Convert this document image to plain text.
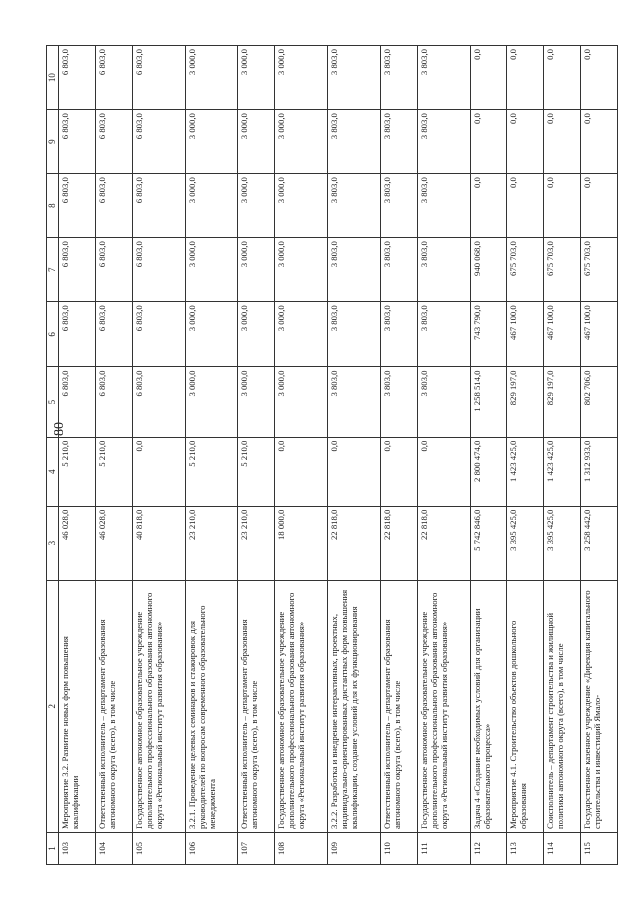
80
1	2	3	4	5	6	7	8	9	10
103	Мероприятие 3.2. Развитие новых форм повышения квалификации	46 028,0	5 210,0	6 803,0	6 803,0	6 803,0	6 803,0	6 803,0	6 803,0
104	Ответственный исполнитель – департамент образования автономного округа (всего), в том числе	46 028,0	5 210,0	6 803,0	6 803,0	6 803,0	6 803,0	6 803,0	6 803,0
105	Государственное автономное образовательное учреждение дополнительного профессионального образования автономного округа «Региональный институт развития образования»	40 818,0	0,0	6 803,0	6 803,0	6 803,0	6 803,0	6 803,0	6 803,0
106	3.2.1. Проведение целевых семинаров и стажировок для руководителей по вопросам современного образовательного менеджмента	23 210,0	5 210,0	3 000,0	3 000,0	3 000,0	3 000,0	3 000,0	3 000,0
107	Ответственный исполнитель – департамент образования автономного округа (всего), в том числе	23 210,0	5 210,0	3 000,0	3 000,0	3 000,0	3 000,0	3 000,0	3 000,0
108	Государственное автономное образовательное учреждение дополнительного профессионального образования автономного округа «Региональный институт развития образования»	18 000,0	0,0	3 000,0	3 000,0	3 000,0	3 000,0	3 000,0	3 000,0
109	3.2.2. Разработка и внедрение интерактивных, проектных, индивидуально-ориентированных дистантных форм повышения квалификации, создание условий для их функционирования	22 818,0	0,0	3 803,0	3 803,0	3 803,0	3 803,0	3 803,0	3 803,0
110	Ответственный исполнитель – департамент образования автономного округа (всего), в том числе	22 818,0	0,0	3 803,0	3 803,0	3 803,0	3 803,0	3 803,0	3 803,0
111	Государственное автономное образовательное учреждение дополнительного профессионального образования автономного округа «Региональный институт развития образования»	22 818,0	0,0	3 803,0	3 803,0	3 803,0	3 803,0	3 803,0	3 803,0
112	Задача 4 «Создание необходимых условий для организации образовательного процесса»	5 742 846,0	2 800 474,0	1 258 514,0	743 790,0	940 068,0	0,0	0,0	0,0
113	Мероприятие 4.1. Строительство объектов дошкольного образования	3 395 425,0	1 423 425,0	829 197,0	467 100,0	675 703,0	0,0	0,0	0,0
114	Соисполнитель – департамент строительства и жилищной политики автономного округа (всего), в том числе	3 395 425,0	1 423 425,0	829 197,0	467 100,0	675 703,0	0,0	0,0	0,0
115	Государственное казенное учреждение «Дирекция капитального строительства и инвестиций Ямало-	3 258 442,0	1 312 933,0	802 706,0	467 100,0	675 703,0	0,0	0,0	0,0
